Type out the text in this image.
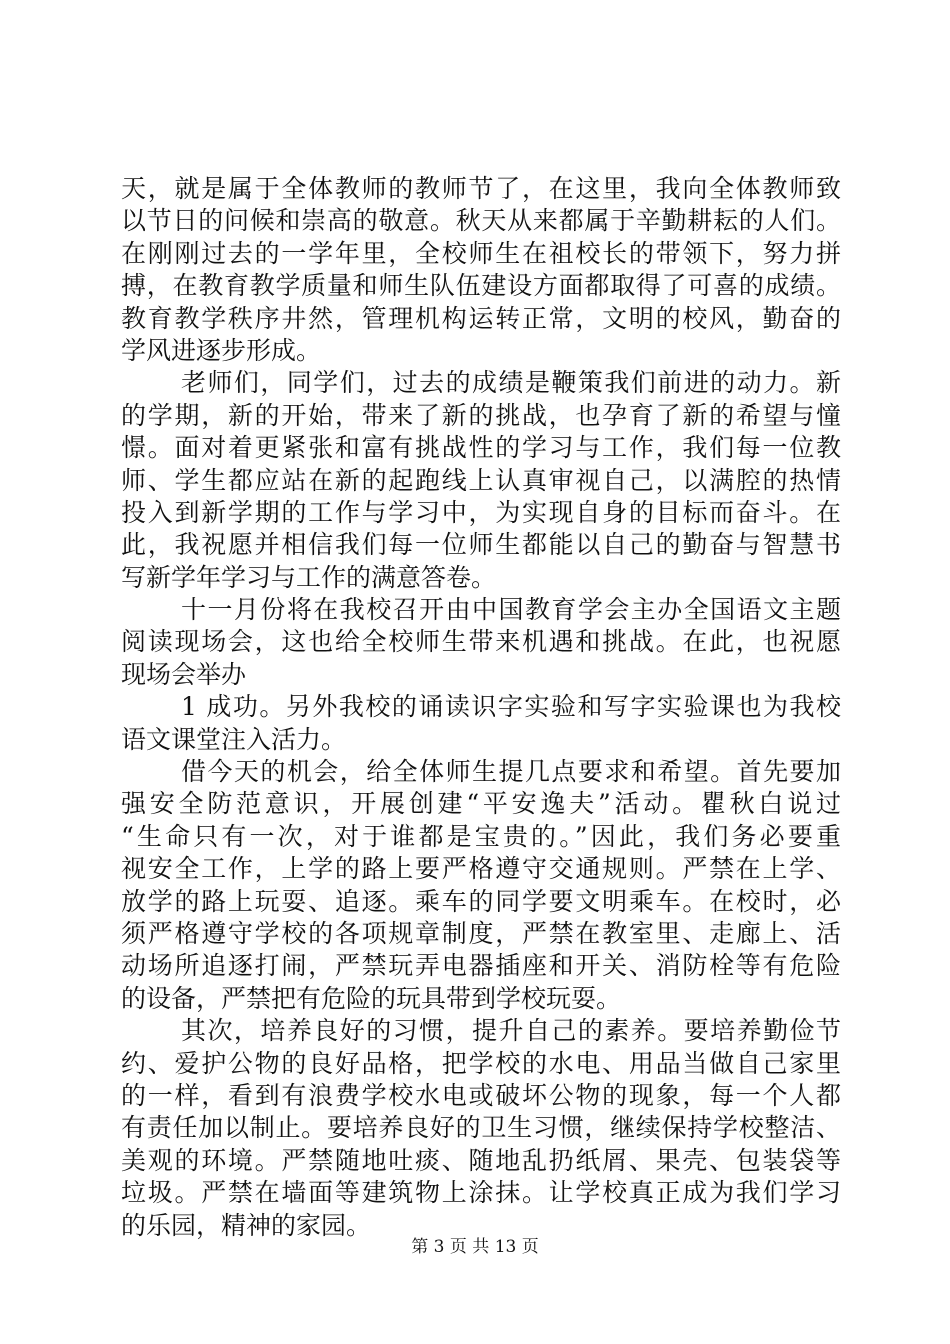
天，就是属于全体教师的教师节了，在这里，我向全体教师致
以节日的问候和崇高的敬意。秋天从来都属于辛勤耕耘的人们。
在刚刚过去的一学年里，全校师生在祖校长的带领下，努力拼
搏，在教育教学质量和师生队伍建设方面都取得了可喜的成绩。
教育教学秩序井然，管理机构运转正常，文明的校风，勤奋的
学风进逐步形成。
老师们，同学们，过去的成绩是鞭策我们前进的动力。新
的学期，新的开始，带来了新的挑战，也孕育了新的希望与憧
憬。面对着更紧张和富有挑战性的学习与工作，我们每一位教
师、学生都应站在新的起跑线上认真审视自己，以满腔的热情
投入到新学期的工作与学习中，为实现自身的目标而奋斗。在
此，我祝愿并相信我们每一位师生都能以自己的勤奋与智慧书
写新学年学习与工作的满意答卷。
十一月份将在我校召开由中国教育学会主办全国语文主题
阅读现场会，这也给全校师生带来机遇和挑战。在此，也祝愿
现场会举办
1 成功。另外我校的诵读识字实验和写字实验课也为我校
语文课堂注入活力。
借今天的机会，给全体师生提几点要求和希望。首先要加
强安全防范意识，开展创建“平安逸夫”活动。瞿秋白说过
“生命只有一次，对于谁都是宝贵的。”因此，我们务必要重
视安全工作，上学的路上要严格遵守交通规则。严禁在上学、
放学的路上玩耍、追逐。乘车的同学要文明乘车。在校时，必
须严格遵守学校的各项规章制度，严禁在教室里、走廊上、活
动场所追逐打闹，严禁玩弄电器插座和开关、消防栓等有危险
的设备，严禁把有危险的玩具带到学校玩耍。
其次，培养良好的习惯，提升自己的素养。要培养勤俭节
约、爱护公物的良好品格，把学校的水电、用品当做自己家里
的一样，看到有浪费学校水电或破坏公物的现象，每一个人都
有责任加以制止。要培养良好的卫生习惯，继续保持学校整洁、
美观的环境。严禁随地吐痰、随地乱扔纸屑、果壳、包装袋等
垃圾。严禁在墙面等建筑物上涂抹。让学校真正成为我们学习
的乐园，精神的家园。
第 3 页 共 13 页
